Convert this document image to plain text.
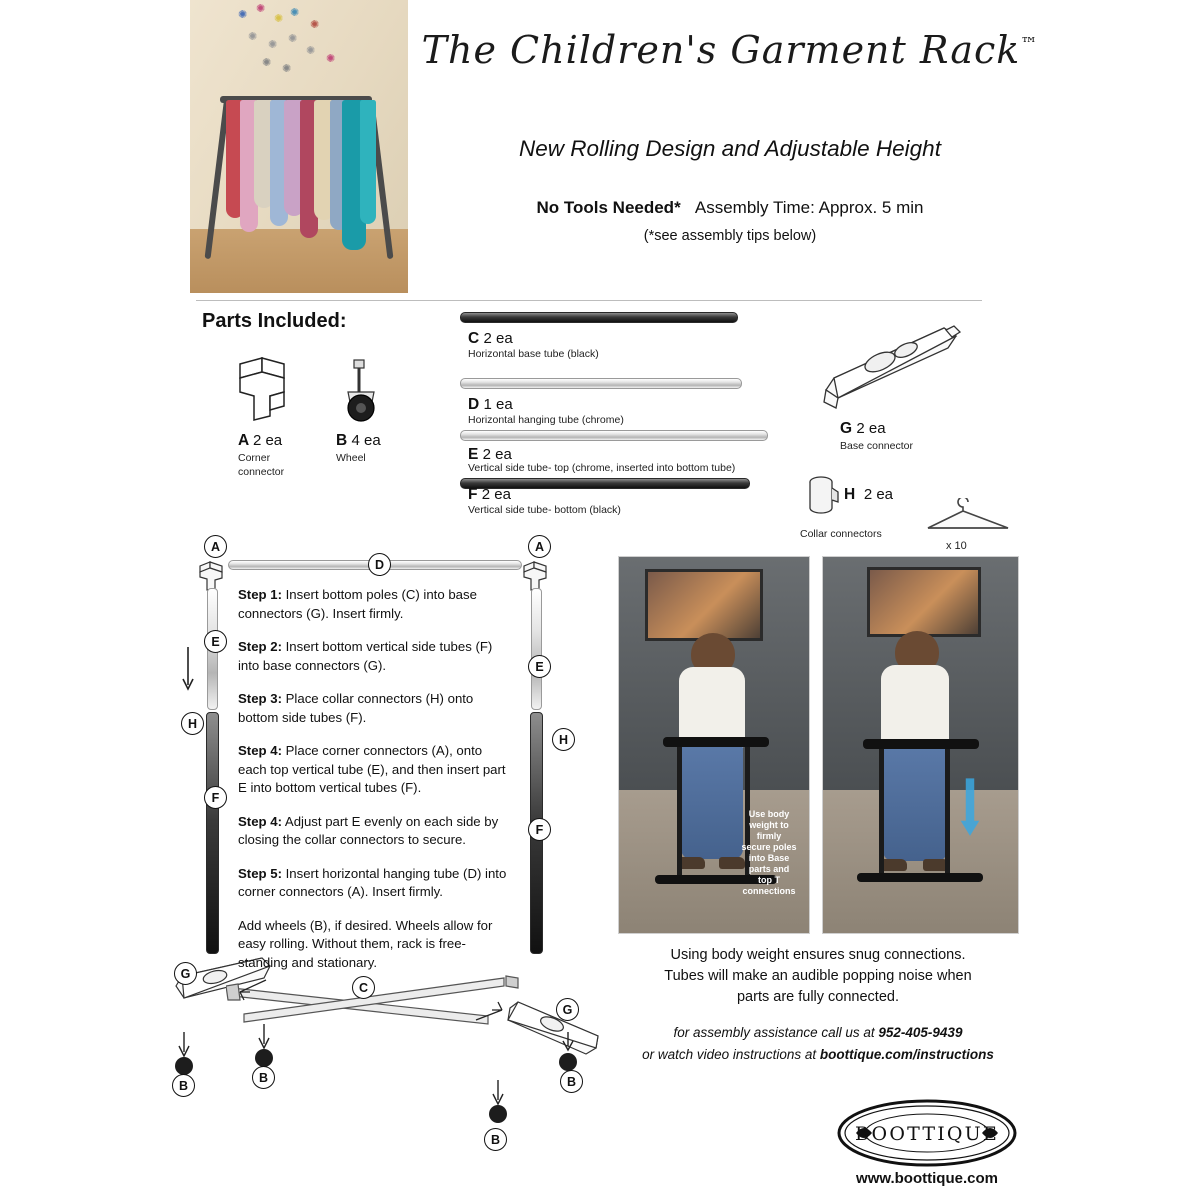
✺ ✺
✺ ✺
✺
✺
✺ ✺
✺
✺ ✺
✺ The Children's Garment Rack™
New Rolling Design and Adjustable Height
No Tools Needed* Assembly Time: Approx. 5 min
(*see assembly tips below)
Parts Included:
A 2 ea
Corner
connector
B 4 ea
Wheel
C 2 ea
Horizontal base tube (black)
D 1 ea
Horizontal hanging tube (chrome)
E 2 ea
Vertical side tube- top (chrome, inserted into bottom tube)
F 2 ea
Vertical side tube- bottom (black)
G 2 ea
Base connector
H 2 ea
Collar connectors
x 10
D
A	A
E
H
F
E
H
F
G
G
C
B
B
B
B

Step 1: Insert bottom poles (C) into base connectors (G). Insert firmly.

Step 2: Insert bottom vertical side tubes (F) into base connectors (G).

Step 3: Place collar connectors (H) onto bottom side tubes (F).

Step 4: Place corner connectors (A), onto each top vertical tube (E), and then insert part E into bottom vertical tubes (F).

Step 4: Adjust part E evenly on each side by closing the collar connectors to secure.

Step 5: Insert horizontal hanging tube (D) into corner connectors (A). Insert firmly.

Add wheels (B), if desired. Wheels allow for easy rolling. Without them, rack is free-standing and stationary.

Use body weight to firmly secure poles into Base parts and top T connections
Using body weight ensures snug connections.
Tubes will make an audible popping noise when
parts are fully connected.
for assembly assistance call us at 952-405-9439
or watch video instructions at boottique.com/instructions
BOOTTIQUE
www.boottique.com
